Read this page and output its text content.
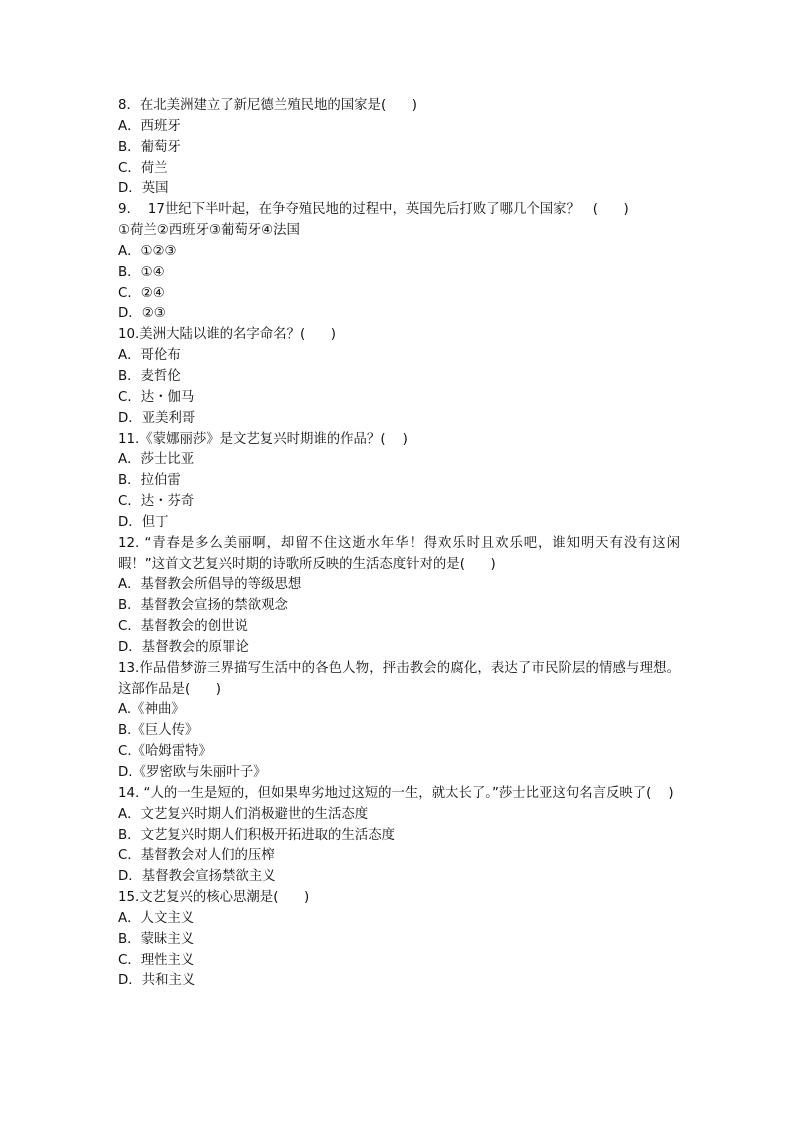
8．在北美洲建立了新尼德兰殖民地的国家是(      )
A．西班牙
B．葡萄牙
C．荷兰
D．英国
9.    17世纪下半叶起，在争夺殖民地的过程中，英国先后打败了哪几个国家？   (      )
①荷兰②西班牙③葡萄牙④法国
A．①②③
B．①④
C．②④
D．②③
10.美洲大陆以谁的名字命名？(      )
A．哥伦布
B．麦哲伦
C．达・伽马
D．亚美利哥
11.《蒙娜丽莎》是文艺复兴时期谁的作品？(    )
A．莎士比亚
B．拉伯雷
C．达・芬奇
D．但丁
12. “青春是多么美丽啊，却留不住这逝水年华！得欢乐时且欢乐吧，谁知明天有没有这闲暇！”这首文艺复兴时期的诗歌所反映的生活态度针对的是(      )
A．基督教会所倡导的等级思想
B．基督教会宣扬的禁欲观念
C．基督教会的创世说
D．基督教会的原罪论
13.作品借梦游三界描写生活中的各色人物，抨击教会的腐化，表达了市民阶层的情感与理想。这部作品是(      )
A.《神曲》
B.《巨人传》
C.《哈姆雷特》
D.《罗密欧与朱丽叶子》
14. “人的一生是短的，但如果卑劣地过这短的一生，就太长了。”莎士比亚这句名言反映了(    )
A．文艺复兴时期人们消极避世的生活态度
B．文艺复兴时期人们积极开拓进取的生活态度
C．基督教会对人们的压榨
D．基督教会宣扬禁欲主义
15.文艺复兴的核心思潮是(      )
A．人文主义
B．蒙昧主义
C．理性主义
D．共和主义
